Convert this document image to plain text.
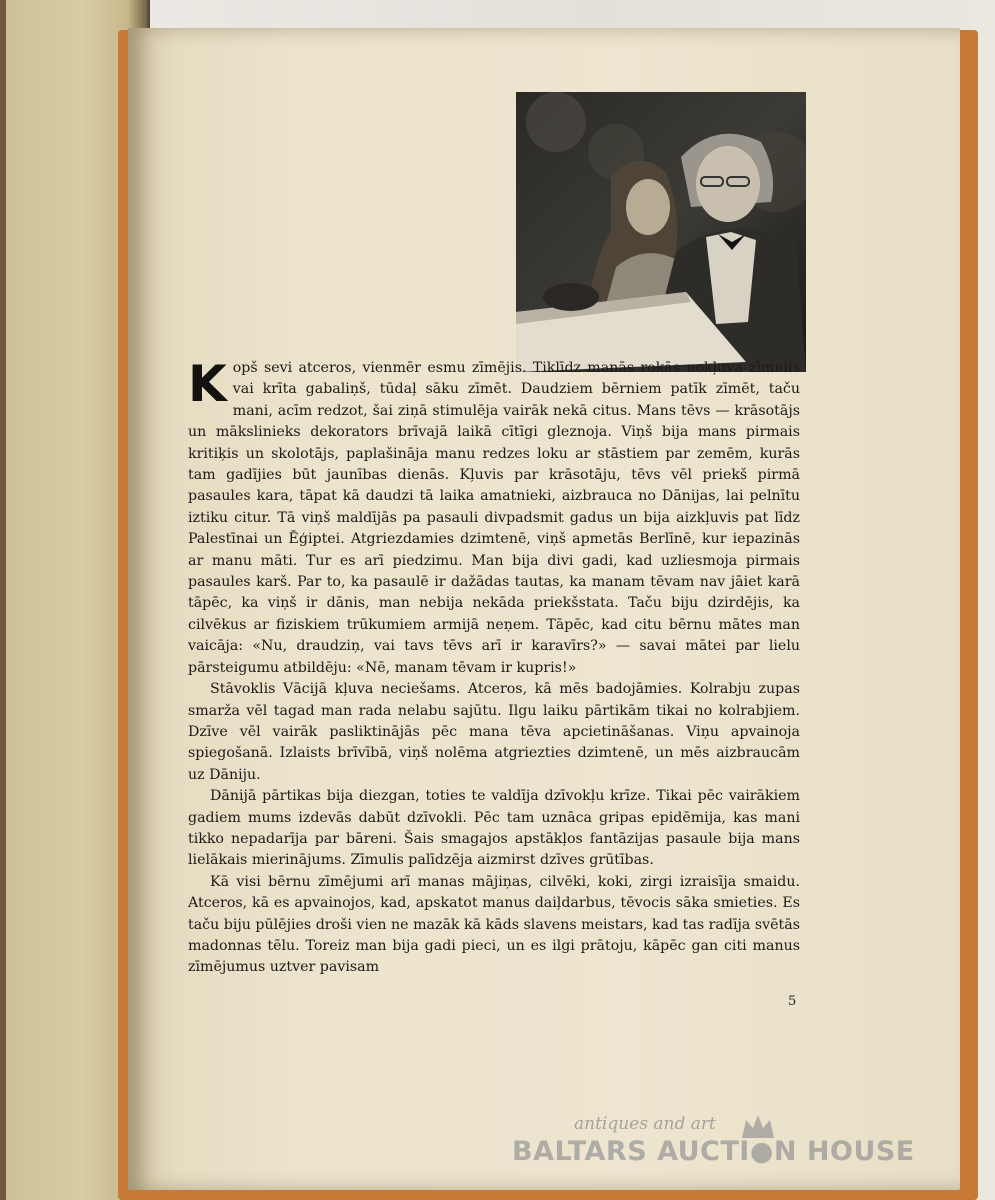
Kopš sevi atceros, vienmēr esmu zīmējis. Tiklīdz manās rokās nokļuva zīmulis vai krīta gabaliņš, tūdaļ sāku zīmēt. Daudziem bērniem patīk zīmēt, taču mani, acīm redzot, šai ziņā stimulēja vairāk nekā citus. Mans tēvs — krāsotājs un mākslinieks dekorators brīvajā laikā cītīgi gleznoja. Viņš bija mans pirmais kritiķis un skolotājs, paplašināja manu redzes loku ar stāstiem par zemēm, kurās tam gadījies būt jaunības dienās. Kļuvis par krāsotāju, tēvs vēl priekš pirmā pasaules kara, tāpat kā daudzi tā laika amatnieki, aizbrauca no Dānijas, lai pelnītu iztiku citur. Tā viņš maldījās pa pasauli divpadsmit gadus un bija aizkļuvis pat līdz Palestīnai un Ēģiptei. Atgriezdamies dzimtenē, viņš apmetās Berlīnē, kur iepazinās ar manu māti. Tur es arī piedzimu. Man bija divi gadi, kad uzliesmoja pirmais pasaules karš. Par to, ka pasaulē ir dažādas tautas, ka manam tēvam nav jāiet karā tāpēc, ka viņš ir dānis, man nebija nekāda priekšstata. Taču biju dzirdējis, ka cilvēkus ar fiziskiem trūkumiem armijā neņem. Tāpēc, kad citu bērnu mātes man vaicāja: «Nu, draudziņ, vai tavs tēvs arī ir karavīrs?» — savai mātei par lielu pārsteigumu atbildēju: «Nē, manam tēvam ir kupris!»

Stāvoklis Vācijā kļuva neciešams. Atceros, kā mēs badojāmies. Kolrabju zupas smarža vēl tagad man rada nelabu sajūtu. Ilgu laiku pārtikām tikai no kolrabjiem. Dzīve vēl vairāk pasliktinājās pēc mana tēva apcietināšanas. Viņu apvainoja spiegošanā. Izlaists brīvībā, viņš nolēma atgriezties dzimtenē, un mēs aizbraucām uz Dāniju.

Dānijā pārtikas bija diezgan, toties te valdīja dzīvokļu krīze. Tikai pēc vairākiem gadiem mums izdevās dabūt dzīvokli. Pēc tam uznāca gripas epidēmija, kas mani tikko nepadarīja par bāreni. Šais smagajos apstākļos fantāzijas pasaule bija mans lielākais mierinājums. Zīmulis palīdzēja aizmirst dzīves grūtības.

Kā visi bērnu zīmējumi arī manas mājiņas, cilvēki, koki, zirgi izraisīja smaidu. Atceros, kā es apvainojos, kad, apskatot manus daiļdarbus, tēvocis sāka smieties. Es taču biju pūlējies droši vien ne mazāk kā kāds slavens meistars, kad tas radīja svētās madonnas tēlu. Toreiz man bija gadi pieci, un es ilgi prātoju, kāpēc gan citi manus zīmējumus uztver pavisam

5
antiques and art
BALTARS AUCTI●N HOUSE
